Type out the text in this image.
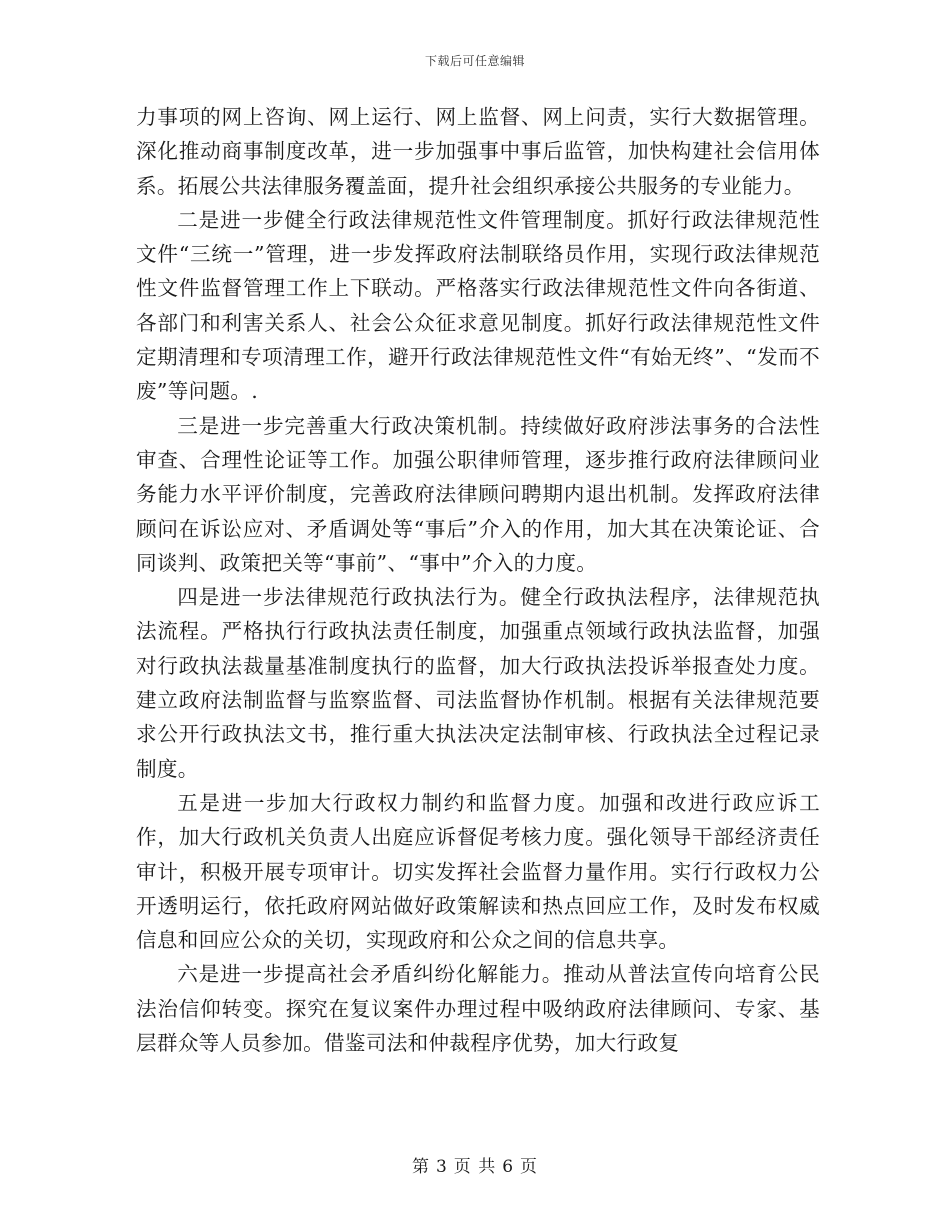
下载后可任意编辑

力事项的网上咨询、网上运行、网上监督、网上问责，实行大数据管理。深化推动商事制度改革，进一步加强事中事后监管，加快构建社会信用体系。拓展公共法律服务覆盖面，提升社会组织承接公共服务的专业能力。

二是进一步健全行政法律规范性文件管理制度。抓好行政法律规范性文件“三统一”管理，进一步发挥政府法制联络员作用，实现行政法律规范性文件监督管理工作上下联动。严格落实行政法律规范性文件向各街道、各部门和利害关系人、社会公众征求意见制度。抓好行政法律规范性文件定期清理和专项清理工作，避开行政法律规范性文件“有始无终”、“发而不废”等问题。.

三是进一步完善重大行政决策机制。持续做好政府涉法事务的合法性审查、合理性论证等工作。加强公职律师管理，逐步推行政府法律顾问业务能力水平评价制度，完善政府法律顾问聘期内退出机制。发挥政府法律顾问在诉讼应对、矛盾调处等“事后”介入的作用，加大其在决策论证、合同谈判、政策把关等“事前”、“事中”介入的力度。

四是进一步法律规范行政执法行为。健全行政执法程序，法律规范执法流程。严格执行行政执法责任制度，加强重点领域行政执法监督，加强对行政执法裁量基准制度执行的监督，加大行政执法投诉举报查处力度。建立政府法制监督与监察监督、司法监督协作机制。根据有关法律规范要求公开行政执法文书，推行重大执法决定法制审核、行政执法全过程记录制度。

五是进一步加大行政权力制约和监督力度。加强和改进行政应诉工作，加大行政机关负责人出庭应诉督促考核力度。强化领导干部经济责任审计，积极开展专项审计。切实发挥社会监督力量作用。实行行政权力公开透明运行，依托政府网站做好政策解读和热点回应工作，及时发布权威信息和回应公众的关切，实现政府和公众之间的信息共享。

六是进一步提高社会矛盾纠纷化解能力。推动从普法宣传向培育公民法治信仰转变。探究在复议案件办理过程中吸纳政府法律顾问、专家、基层群众等人员参加。借鉴司法和仲裁程序优势，加大行政复

第 3 页 共 6 页
